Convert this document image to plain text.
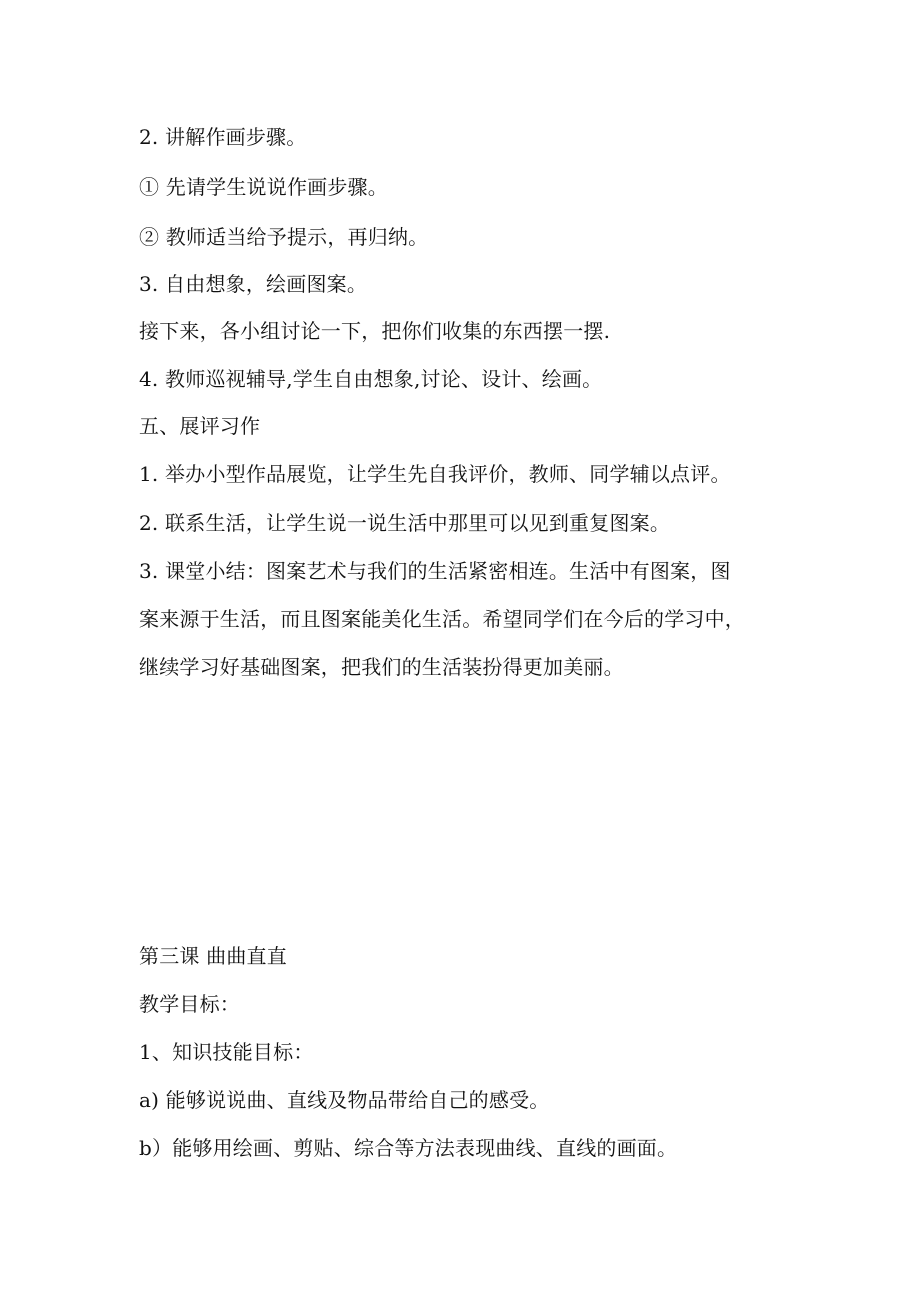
2. 讲解作画步骤。
① 先请学生说说作画步骤。
② 教师适当给予提示，再归纳。
3. 自由想象，绘画图案。
接下来，各小组讨论一下，把你们收集的东西摆一摆.
4. 教师巡视辅导,学生自由想象,讨论、设计、绘画。
五、展评习作
1. 举办小型作品展览，让学生先自我评价，教师、同学辅以点评。
2. 联系生活，让学生说一说生活中那里可以见到重复图案。
3. 课堂小结：图案艺术与我们的生活紧密相连。生活中有图案，图
案来源于生活，而且图案能美化生活。希望同学们在今后的学习中，
继续学习好基础图案，把我们的生活装扮得更加美丽。
第三课 曲曲直直
教学目标：
1、知识技能目标：
a) 能够说说曲、直线及物品带给自己的感受。
b）能够用绘画、剪贴、综合等方法表现曲线、直线的画面。
